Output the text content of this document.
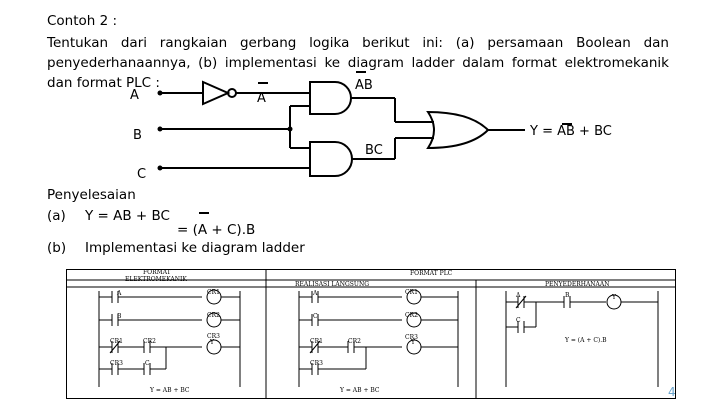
Contoh 2 :
Tentukan dari rangkaian gerbang logika berikut ini: (a) persamaan Boolean dan
penyederhanaannya, (b) implementasi ke diagram ladder dalam format elektromekanik
dan format PLC :
A	A
AB
B	Y = AB + BC
BC
C
Penyelesaian
(a) Y = AB + BC
= (A + C).B
(b) Implementasi ke diagram ladder
FORMAT PLC
FORMAT
ELEKTROMEKANIK
REALISASI LANGSUNG	PENYEDERHANAAN
A
B
CR1	CR2
CR3	C
CR1
CR2
CR3
Y
Y = AB + BC
A
C
CR1	CR2
CR3
CR1
CR2
CR3
Y
Y = AB + BC
A	B
C
Y
Y = (A + C).B
4
